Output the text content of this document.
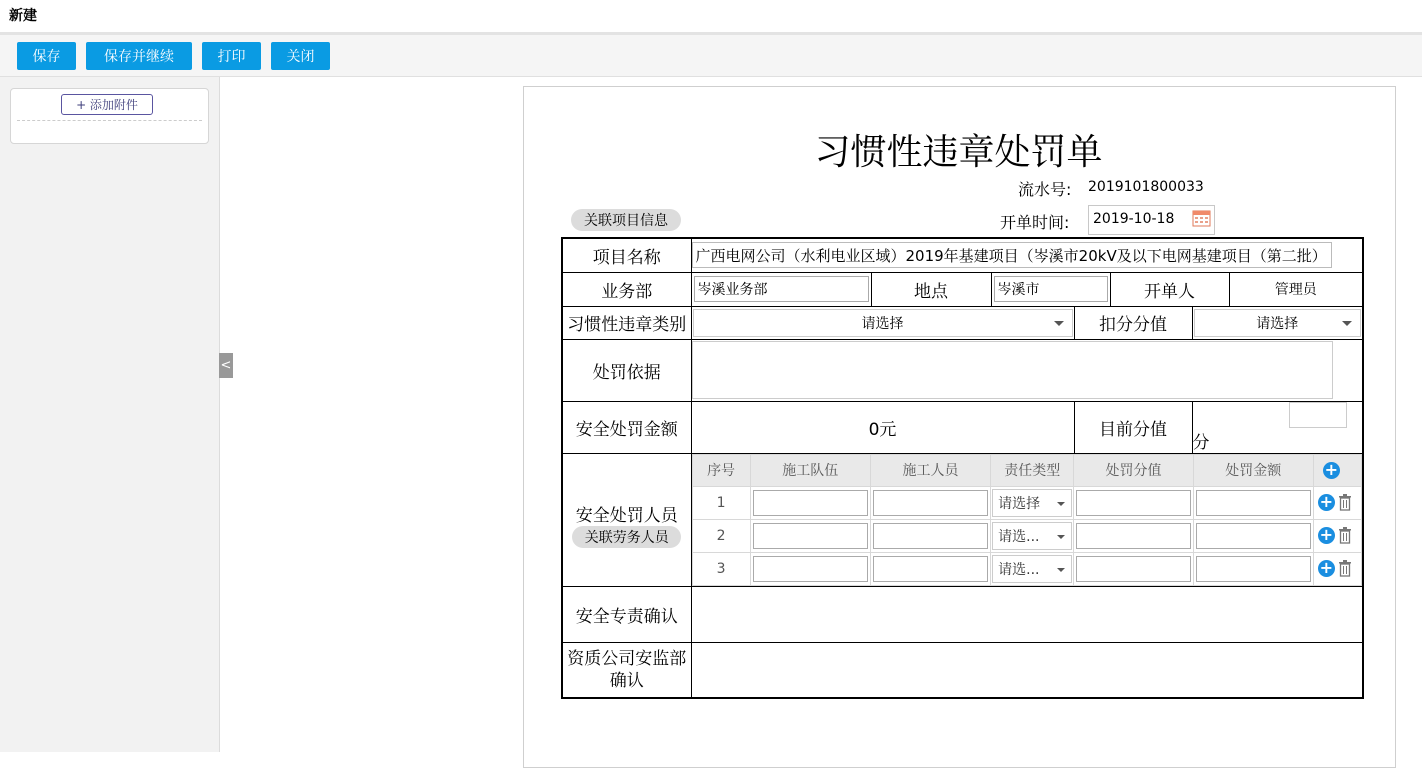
新建
保存	保存并继续	打印	关闭
+ 添加附件
<
习惯性违章处罚单
流水号: 2019101800033
关联项目信息	开单时间: 2019-10-18
项目名称	广西电网公司（水利电业区域）2019年基建项目（岑溪市20kV及以下电网基建项目（第二批）

业务部	岑溪业务部	地点	岑溪市	开单人	管理员
习惯性违章类别	请选择	扣分分值	请选择

处罚依据	

安全处罚金额	0元	目前分值	分

安全处罚人员
关联劳务人员

序号	施工队伍	施工人员	责任类型	处罚分值	处罚金额	+
1			请选择			+
2			请选...			+
3			请选...			+

安全专责确认	
资质公司安监部确认	
